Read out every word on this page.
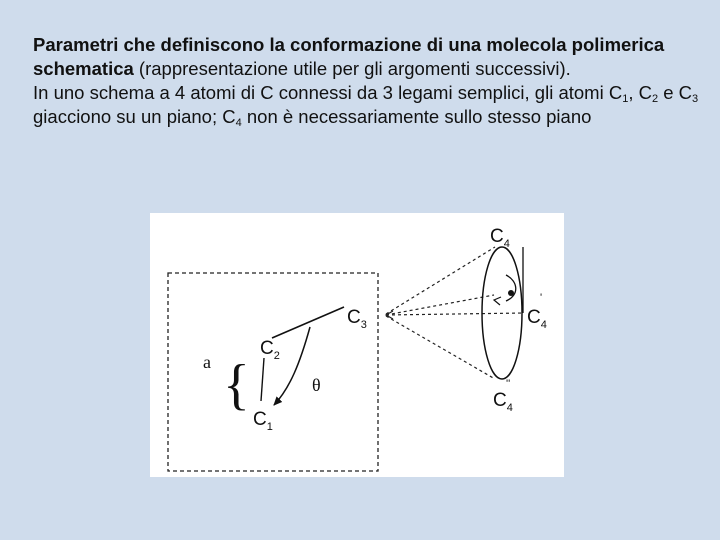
Parametri che definiscono la conformazione di una molecola polimerica schematica (rappresentazione utile per gli argomenti successivi).

In uno schema a 4 atomi di C connessi da 3 legami semplici, gli atomi $C_1$, $C_2$ e $C_3$ giacciono su un piano; $C_4$ non è necessariamente sullo stesso piano

$C_4$
$C_4$
'
$C_4$
''
$C_3$
$C_2$
$C_1$
a {	θ
